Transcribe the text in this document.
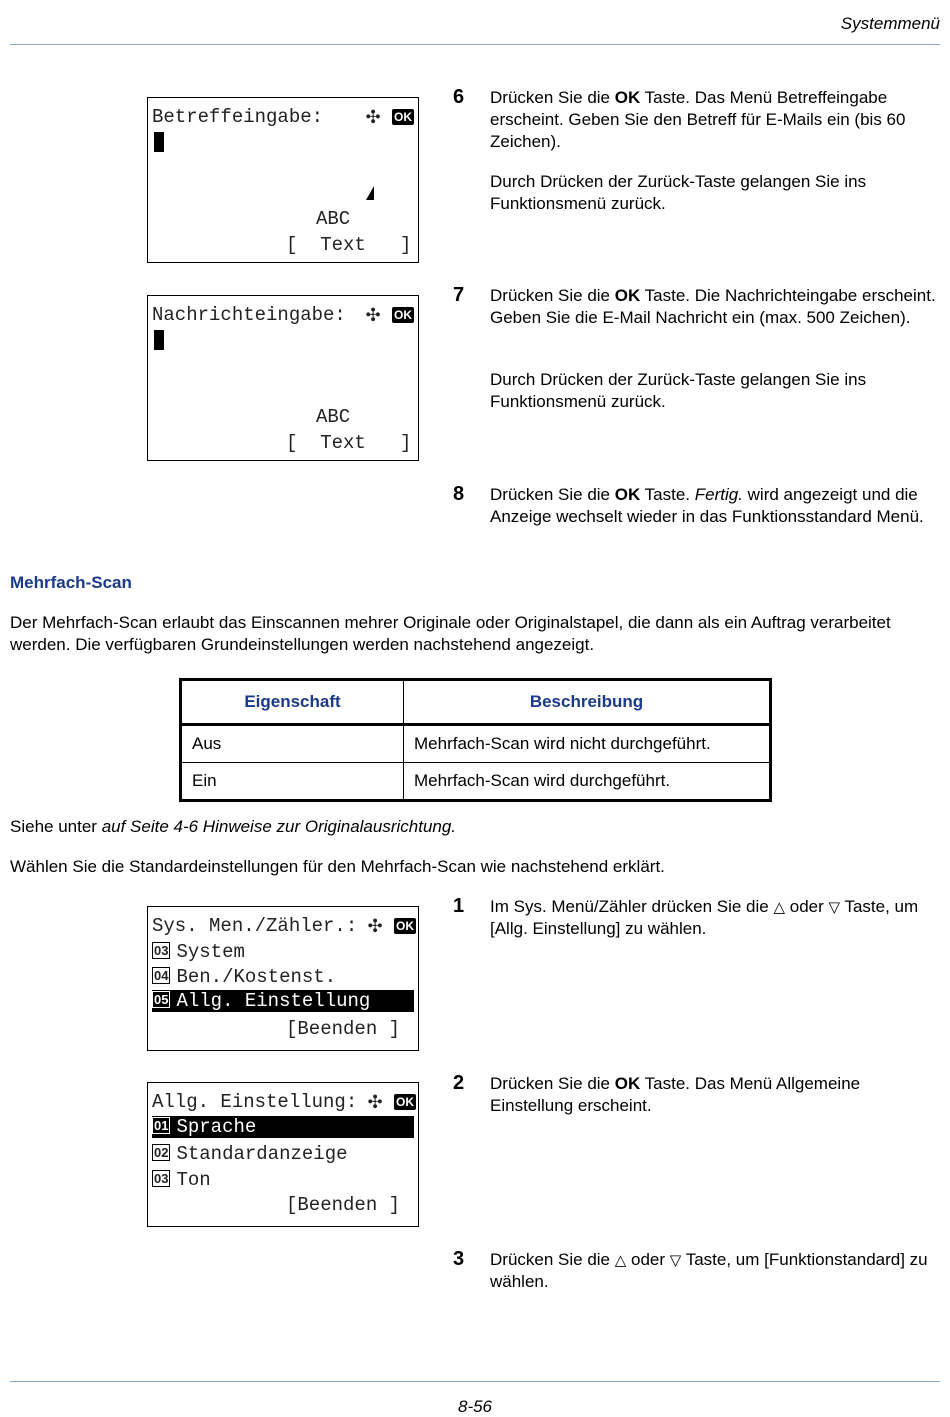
Systemmenü
Betreffeingabe: ✣ OK
ABC
[  Text   ]
Nachrichteingabe: ✣ OK
ABC
[  Text   ]
6 Drücken Sie die OK Taste. Das Menü Betreffeingabe erscheint. Geben Sie den Betreff für E-Mails ein (bis 60 Zeichen).
Durch Drücken der Zurück-Taste gelangen Sie ins Funktionsmenü zurück.
7 Drücken Sie die OK Taste. Die Nachrichteingabe erscheint. Geben Sie die E-Mail Nachricht ein (max. 500 Zeichen).
Durch Drücken der Zurück-Taste gelangen Sie ins Funktionsmenü zurück.
8 Drücken Sie die OK Taste. Fertig. wird angezeigt und die Anzeige wechselt wieder in das Funktionsstandard Menü.
Mehrfach-Scan
Der Mehrfach-Scan erlaubt das Einscannen mehrer Originale oder Originalstapel, die dann als ein Auftrag verarbeitet werden. Die verfügbaren Grundeinstellungen werden nachstehend angezeigt.
Eigenschaft	Beschreibung
Aus	Mehrfach-Scan wird nicht durchgeführt.
Ein	Mehrfach-Scan wird durchgeführt.
Siehe unter auf Seite 4-6 Hinweise zur Originalausrichtung.
Wählen Sie die Standardeinstellungen für den Mehrfach-Scan wie nachstehend erklärt.
Sys. Men./Zähler.: ✣ OK
03 System
04 Ben./Kostenst.
05 Allg. Einstellung
[Beenden ]
Allg. Einstellung: ✣ OK
01 Sprache
02 Standardanzeige
03 Ton
[Beenden ]
1 Im Sys. Menü/Zähler drücken Sie die △ oder ▽ Taste, um [Allg. Einstellung] zu wählen.
2 Drücken Sie die OK Taste. Das Menü Allgemeine Einstellung erscheint.
3 Drücken Sie die △ oder ▽ Taste, um [Funktionstandard] zu wählen.
8-56
